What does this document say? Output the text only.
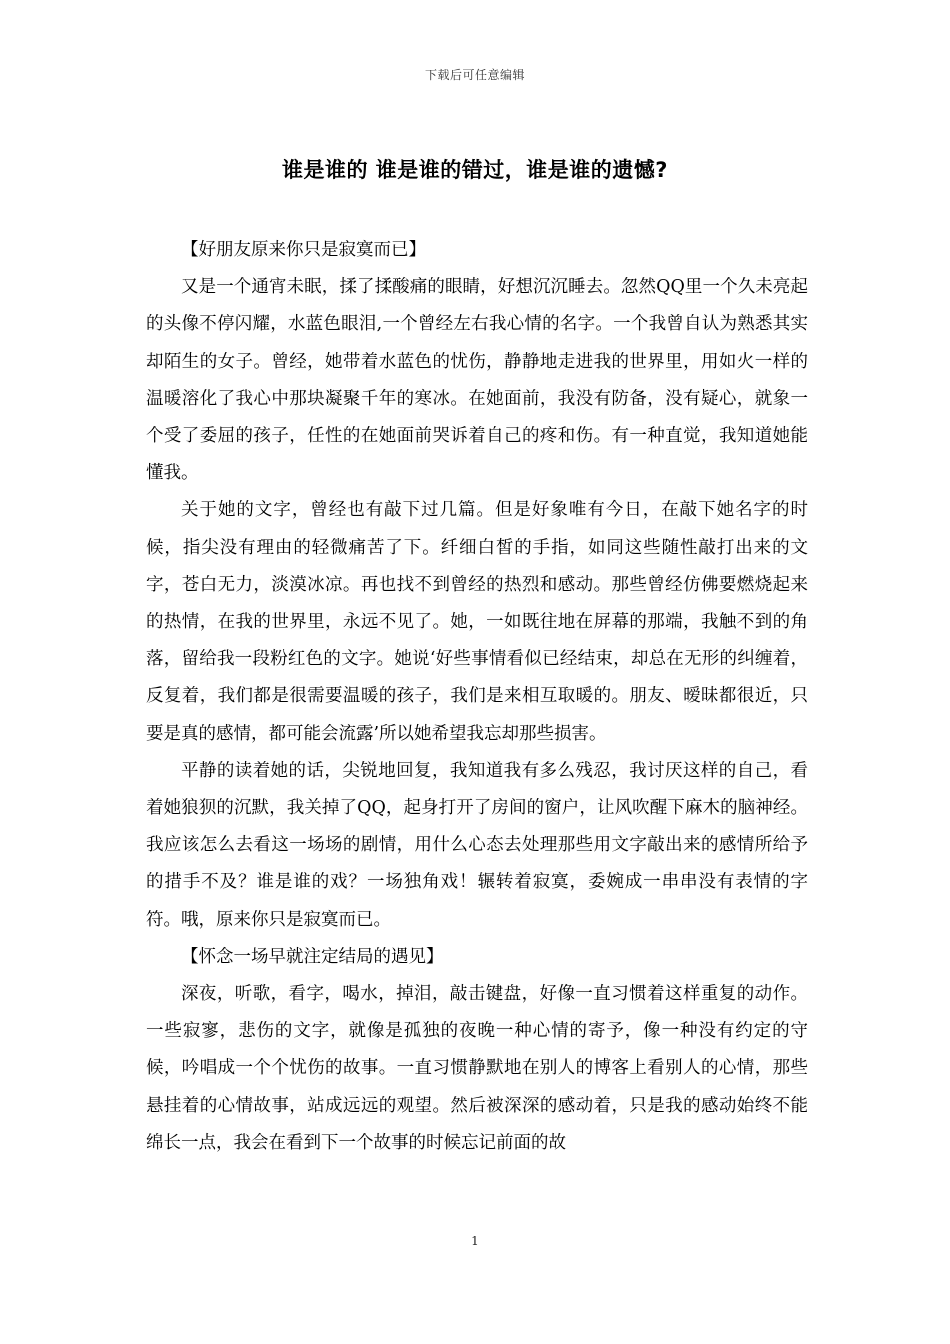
下载后可任意编辑
谁是谁的 谁是谁的错过，谁是谁的遗憾?

【好朋友原来你只是寂寞而已】

又是一个通宵未眠，揉了揉酸痛的眼睛，好想沉沉睡去。忽然QQ里一个久未亮起的头像不停闪耀，水蓝色眼泪,一个曾经左右我心情的名字。一个我曾自认为熟悉其实却陌生的女子。曾经，她带着水蓝色的忧伤，静静地走进我的世界里，用如火一样的温暖溶化了我心中那块凝聚千年的寒冰。在她面前，我没有防备，没有疑心，就象一个受了委屈的孩子，任性的在她面前哭诉着自己的疼和伤。有一种直觉，我知道她能懂我。

关于她的文字，曾经也有敲下过几篇。但是好象唯有今日，在敲下她名字的时候，指尖没有理由的轻微痛苦了下。纤细白皙的手指，如同这些随性敲打出来的文字，苍白无力，淡漠冰凉。再也找不到曾经的热烈和感动。那些曾经仿佛要燃烧起来的热情，在我的世界里，永远不见了。她，一如既往地在屏幕的那端，我触不到的角落，留给我一段粉红色的文字。她说‘好些事情看似已经结束，却总在无形的纠缠着，反复着，我们都是很需要温暖的孩子，我们是来相互取暖的。朋友、暧昧都很近，只要是真的感情，都可能会流露’所以她希望我忘却那些损害。

平静的读着她的话，尖锐地回复，我知道我有多么残忍，我讨厌这样的自己，看着她狼狈的沉默，我关掉了QQ，起身打开了房间的窗户，让风吹醒下麻木的脑神经。我应该怎么去看这一场场的剧情，用什么心态去处理那些用文字敲出来的感情所给予的措手不及？谁是谁的戏？一场独角戏！辗转着寂寞，委婉成一串串没有表情的字符。哦，原来你只是寂寞而已。

【怀念一场早就注定结局的遇见】

深夜，听歌，看字，喝水，掉泪，敲击键盘，好像一直习惯着这样重复的动作。一些寂寥，悲伤的文字，就像是孤独的夜晚一种心情的寄予，像一种没有约定的守候，吟唱成一个个忧伤的故事。一直习惯静默地在别人的博客上看别人的心情，那些悬挂着的心情故事，站成远远的观望。然后被深深的感动着，只是我的感动始终不能绵长一点，我会在看到下一个故事的时候忘记前面的故

1
